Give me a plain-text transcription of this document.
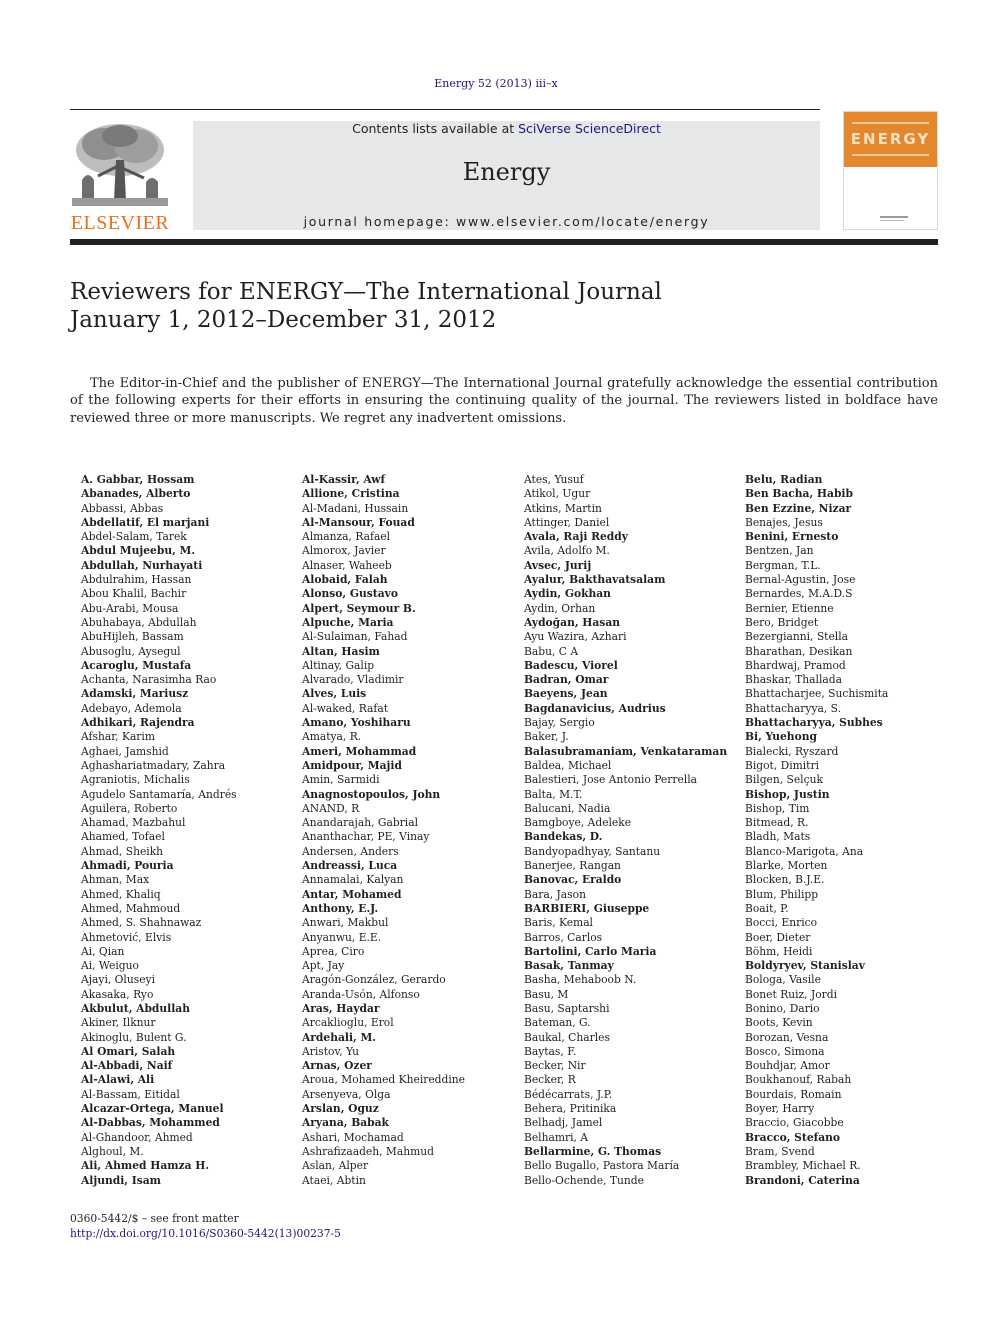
Energy 52 (2013) iii–x
ELSEVIER
Contents lists available at SciVerse ScienceDirect
Energy
journal homepage: www.elsevier.com/locate/energy
ENERGY
Reviewers for ENERGY—The International Journal
January 1, 2012–December 31, 2012

The Editor-in-Chief and the publisher of ENERGY—The International Journal gratefully acknowledge the essential contribution of the following experts for their efforts in ensuring the continuing quality of the journal. The reviewers listed in boldface have reviewed three or more manuscripts. We regret any inadvertent omissions.

A. Gabbar, Hossam
Abanades, Alberto
Abbassi, Abbas
Abdellatif, El marjani
Abdel-Salam, Tarek
Abdul Mujeebu, M.
Abdullah, Nurhayati
Abdulrahim, Hassan
Abou Khalil, Bachir
Abu-Arabi, Mousa
Abuhabaya, Abdullah
AbuHijleh, Bassam
Abusoglu, Aysegul
Acaroglu, Mustafa
Achanta, Narasimha Rao
Adamski, Mariusz
Adebayo, Ademola
Adhikari, Rajendra
Afshar, Karim
Aghaei, Jamshid
Aghashariatmadary, Zahra
Agraniotis, Michalis
Agudelo Santamaría, Andrés
Aguilera, Roberto
Ahamad, Mazbahul
Ahamed, Tofael
Ahmad, Sheikh
Ahmadi, Pouria
Ahman, Max
Ahmed, Khaliq
Ahmed, Mahmoud
Ahmed, S. Shahnawaz
Ahmetović, Elvis
Ai, Qian
Ai, Weiguo
Ajayi, Oluseyi
Akasaka, Ryo
Akbulut, Abdullah
Akiner, Ilknur
Akinoglu, Bulent G.
Al Omari, Salah
Al-Abbadi, Naif
Al-Alawi, Ali
Al-Bassam, Eitidal
Alcazar-Ortega, Manuel
Al-Dabbas, Mohammed
Al-Ghandoor, Ahmed
Alghoul, M.
Ali, Ahmed Hamza H.
Aljundi, Isam
Al-Kassir, Awf
Allione, Cristina
Al-Madani, Hussain
Al-Mansour, Fouad
Almanza, Rafael
Almorox, Javier
Alnaser, Waheeb
Alobaid, Falah
Alonso, Gustavo
Alpert, Seymour B.
Alpuche, Maria
Al-Sulaiman, Fahad
Altan, Hasim
Altinay, Galip
Alvarado, Vladimir
Alves, Luis
Al-waked, Rafat
Amano, Yoshiharu
Amatya, R.
Ameri, Mohammad
Amidpour, Majid
Amin, Sarmidi
Anagnostopoulos, John
ANAND, R
Anandarajah, Gabrial
Ananthachar, PE, Vinay
Andersen, Anders
Andreassi, Luca
Annamalai, Kalyan
Antar, Mohamed
Anthony, E.J.
Anwari, Makbul
Anyanwu, E.E.
Aprea, Ciro
Apt, Jay
Aragón-González, Gerardo
Aranda-Usón, Alfonso
Aras, Haydar
Arcaklioglu, Erol
Ardehali, M.
Aristov, Yu
Arnas, Ozer
Aroua, Mohamed Kheireddine
Arsenyeva, Olga
Arslan, Oguz
Aryana, Babak
Ashari, Mochamad
Ashrafizaadeh, Mahmud
Aslan, Alper
Ataei, Abtin
Ates, Yusuf
Atikol, Ugur
Atkins, Martin
Attinger, Daniel
Avala, Raji Reddy
Avila, Adolfo M.
Avsec, Jurij
Ayalur, Bakthavatsalam
Aydin, Gokhan
Aydin, Orhan
Aydoğan, Hasan
Ayu Wazira, Azhari
Babu, C A
Badescu, Viorel
Badran, Omar
Baeyens, Jean
Bagdanavicius, Audrius
Bajay, Sergio
Baker, J.
Balasubramaniam, Venkataraman
Baldea, Michael
Balestieri, Jose Antonio Perrella
Balta, M.T.
Balucani, Nadia
Bamgboye, Adeleke
Bandekas, D.
Bandyopadhyay, Santanu
Banerjee, Rangan
Banovac, Eraldo
Bara, Jason
BARBIERI, Giuseppe
Baris, Kemal
Barros, Carlos
Bartolini, Carlo Maria
Basak, Tanmay
Basha, Mehaboob N.
Basu, M
Basu, Saptarshi
Bateman, G.
Baukal, Charles
Baytas, F.
Becker, Nir
Becker, R
Bédécarrats, J.P.
Behera, Pritinika
Belhadj, Jamel
Belhamri, A
Bellarmine, G. Thomas
Bello Bugallo, Pastora María
Bello-Ochende, Tunde
Belu, Radian
Ben Bacha, Habib
Ben Ezzine, Nizar
Benajes, Jesus
Benini, Ernesto
Bentzen, Jan
Bergman, T.L.
Bernal-Agustin, Jose
Bernardes, M.A.D.S
Bernier, Etienne
Bero, Bridget
Bezergianni, Stella
Bharathan, Desikan
Bhardwaj, Pramod
Bhaskar, Thallada
Bhattacharjee, Suchismita
Bhattacharyya, S.
Bhattacharyya, Subhes
Bi, Yuehong
Bialecki, Ryszard
Bigot, Dimitri
Bilgen, Selçuk
Bishop, Justin
Bishop, Tim
Bitmead, R.
Bladh, Mats
Blanco-Marigota, Ana
Blarke, Morten
Blocken, B.J.E.
Blum, Philipp
Boait, P.
Bocci, Enrico
Boer, Dieter
Böhm, Heidi
Boldyryev, Stanislav
Bologa, Vasile
Bonet Ruiz, Jordi
Bonino, Dario
Boots, Kevin
Borozan, Vesna
Bosco, Simona
Bouhdjar, Amor
Boukhanouf, Rabah
Bourdais, Romain
Boyer, Harry
Braccio, Giacobbe
Bracco, Stefano
Bram, Svend
Brambley, Michael R.
Brandoni, Caterina
0360-5442/$ – see front matter
http://dx.doi.org/10.1016/S0360-5442(13)00237-5
